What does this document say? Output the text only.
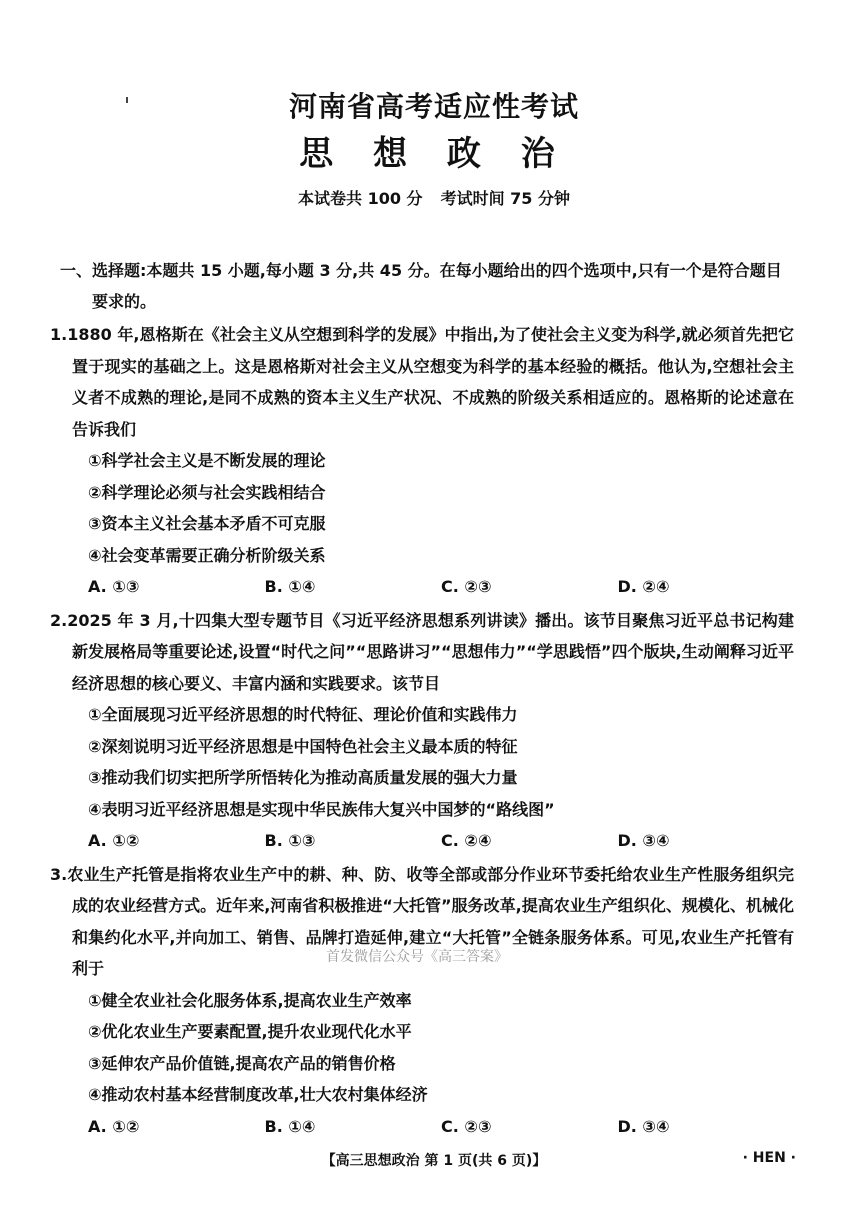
河南省高考适应性考试
思 想 政 治
本试卷共 100 分 考试时间 75 分钟
一、选择题:本题共 15 小题,每小题 3 分,共 45 分。在每小题给出的四个选项中,只有一个是符合题目要求的。
1.1880 年,恩格斯在《社会主义从空想到科学的发展》中指出,为了使社会主义变为科学,就必须首先把它置于现实的基础之上。这是恩格斯对社会主义从空想变为科学的基本经验的概括。他认为,空想社会主义者不成熟的理论,是同不成熟的资本主义生产状况、不成熟的阶级关系相适应的。恩格斯的论述意在告诉我们
①科学社会主义是不断发展的理论
②科学理论必须与社会实践相结合
③资本主义社会基本矛盾不可克服
④社会变革需要正确分析阶级关系
A. ①③	B. ①④	C. ②③	D. ②④
2.2025 年 3 月,十四集大型专题节目《习近平经济思想系列讲读》播出。该节目聚焦习近平总书记构建新发展格局等重要论述,设置“时代之问”“思路讲习”“思想伟力”“学思践悟”四个版块,生动阐释习近平经济思想的核心要义、丰富内涵和实践要求。该节目
①全面展现习近平经济思想的时代特征、理论价值和实践伟力
②深刻说明习近平经济思想是中国特色社会主义最本质的特征
③推动我们切实把所学所悟转化为推动高质量发展的强大力量
④表明习近平经济思想是实现中华民族伟大复兴中国梦的“路线图”
A. ①②	B. ①③	C. ②④	D. ③④
3.农业生产托管是指将农业生产中的耕、种、防、收等全部或部分作业环节委托给农业生产性服务组织完成的农业经营方式。近年来,河南省积极推进“大托管”服务改革,提高农业生产组织化、规模化、机械化和集约化水平,并向加工、销售、品牌打造延伸,建立“大托管”全链条服务体系。可见,农业生产托管有利于
①健全农业社会化服务体系,提高农业生产效率
②优化农业生产要素配置,提升农业现代化水平
③延伸农产品价值链,提高农产品的销售价格
④推动农村基本经营制度改革,壮大农村集体经济
A. ①②	B. ①④	C. ②③	D. ③④
首发微信公众号《高三答案》
【高三思想政治 第 1 页(共 6 页)】	· HEN ·
